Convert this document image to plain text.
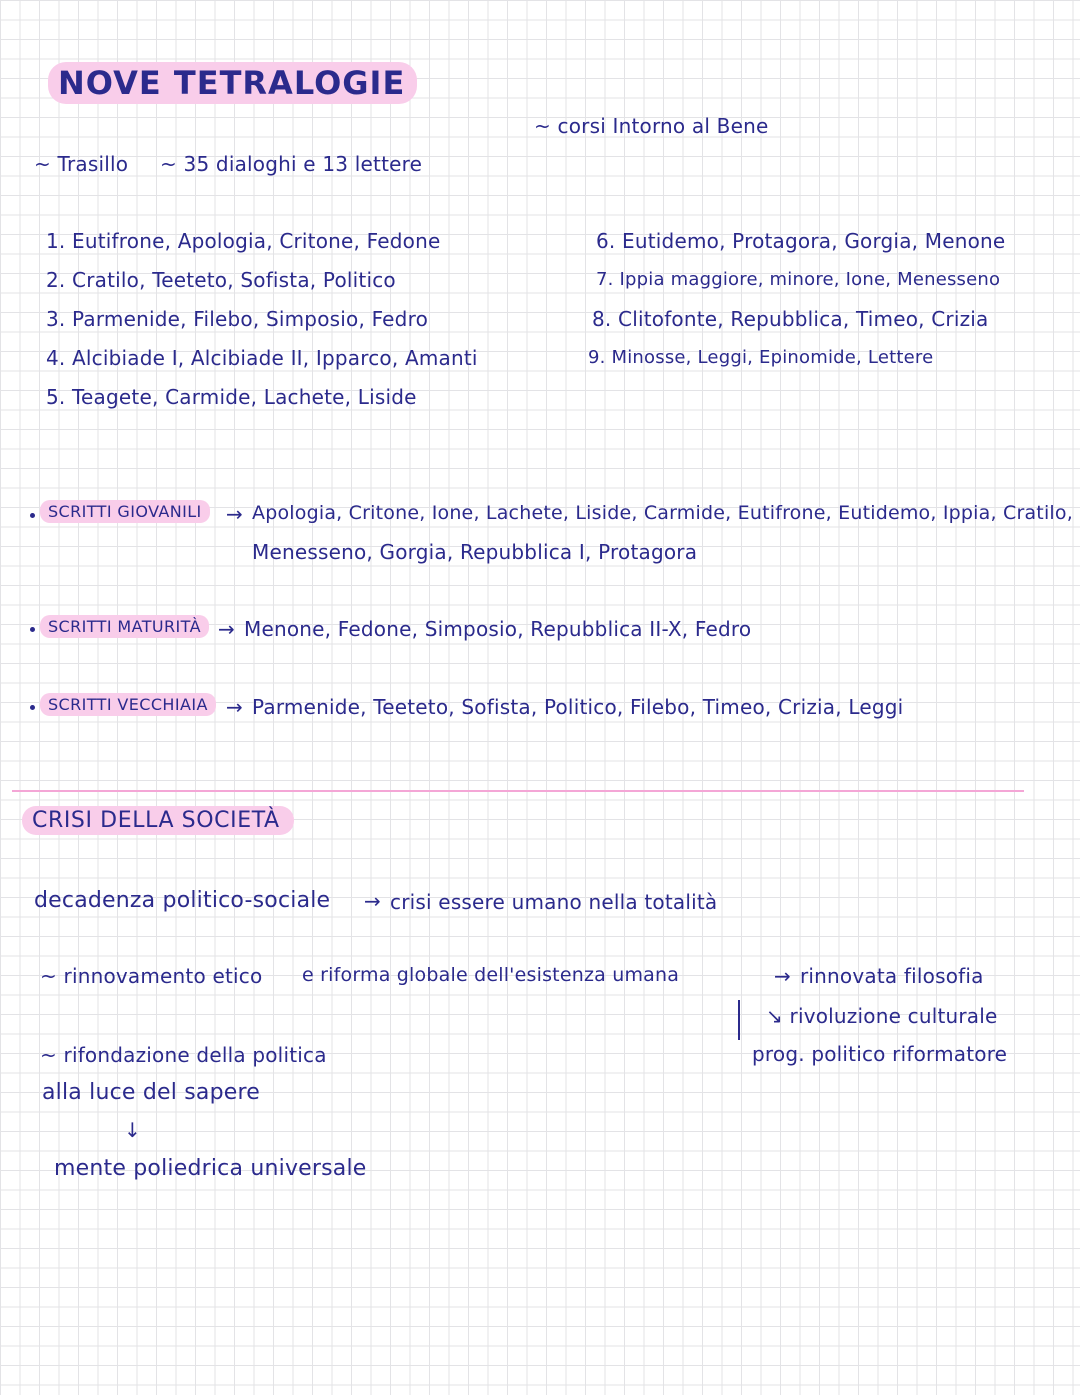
NOVE TETRALOGIE
~ corsi Intorno al Bene
~ Trasillo ~ 35 dialoghi e 13 lettere
1. Eutifrone, Apologia, Critone, Fedone
2. Cratilo, Teeteto, Sofista, Politico
3. Parmenide, Filebo, Simposio, Fedro
4. Alcibiade I, Alcibiade II, Ipparco, Amanti
5. Teagete, Carmide, Lachete, Liside
6. Eutidemo, Protagora, Gorgia, Menone
7. Ippia maggiore, minore, Ione, Menesseno
8. Clitofonte, Repubblica, Timeo, Crizia
9. Minosse, Leggi, Epinomide, Lettere
SCRITTI GIOVANILI	→ Apologia, Critone, Ione, Lachete, Liside, Carmide, Eutifrone, Eutidemo, Ippia, Cratilo,
Menesseno, Gorgia, Repubblica I, Protagora
SCRITTI MATURITÀ → Menone, Fedone, Simposio, Repubblica II-X, Fedro
SCRITTI VECCHIAIA → Parmenide, Teeteto, Sofista, Politico, Filebo, Timeo, Crizia, Leggi
CRISI DELLA SOCIETÀ
decadenza politico-sociale → crisi essere umano nella totalità
~ rinnovamento etico e riforma globale dell'esistenza umana	→ rinnovata filosofia
↘ rivoluzione culturale
prog. politico riformatore
~ rifondazione della politica
alla luce del sapere
↓
mente poliedrica universale
